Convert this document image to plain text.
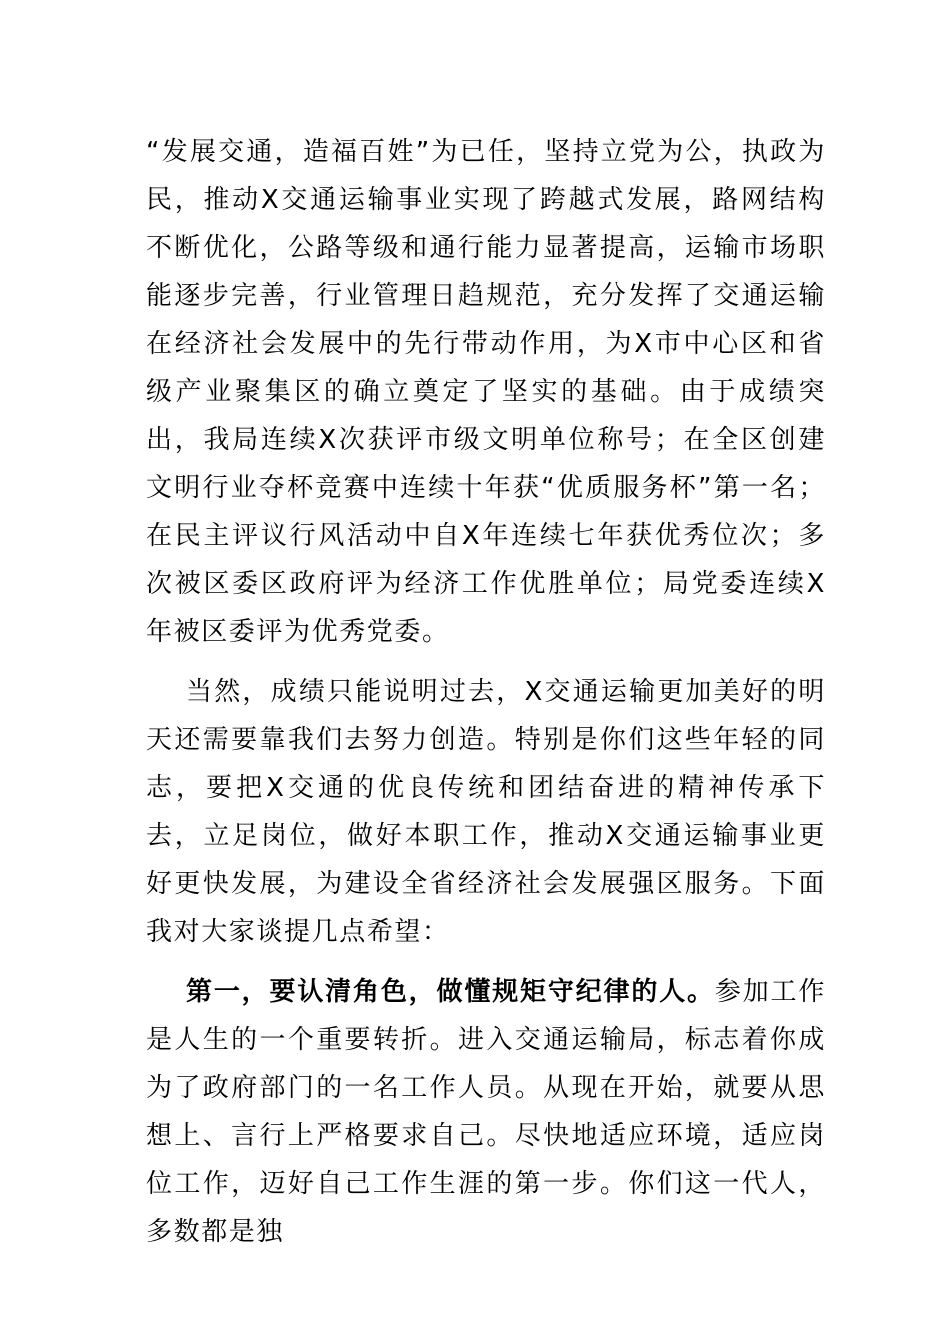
“发展交通，造福百姓”为已任，坚持立党为公，执政为民，推动X交通运输事业实现了跨越式发展，路网结构不断优化，公路等级和通行能力显著提高，运输市场职能逐步完善，行业管理日趋规范，充分发挥了交通运输在经济社会发展中的先行带动作用，为X市中心区和省级产业聚集区的确立奠定了坚实的基础。由于成绩突出，我局连续X次获评市级文明单位称号；在全区创建文明行业夺杯竞赛中连续十年获“优质服务杯”第一名；在民主评议行风活动中自X年连续七年获优秀位次；多次被区委区政府评为经济工作优胜单位；局党委连续X年被区委评为优秀党委。

当然，成绩只能说明过去，X交通运输更加美好的明天还需要靠我们去努力创造。特别是你们这些年轻的同志，要把X交通的优良传统和团结奋进的精神传承下去，立足岗位，做好本职工作，推动X交通运输事业更好更快发展，为建设全省经济社会发展强区服务。下面我对大家谈提几点希望：

第一，要认清角色，做懂规矩守纪律的人。参加工作是人生的一个重要转折。进入交通运输局，标志着你成为了政府部门的一名工作人员。从现在开始，就要从思想上、言行上严格要求自己。尽快地适应环境，适应岗位工作，迈好自己工作生涯的第一步。你们这一代人，多数都是独
